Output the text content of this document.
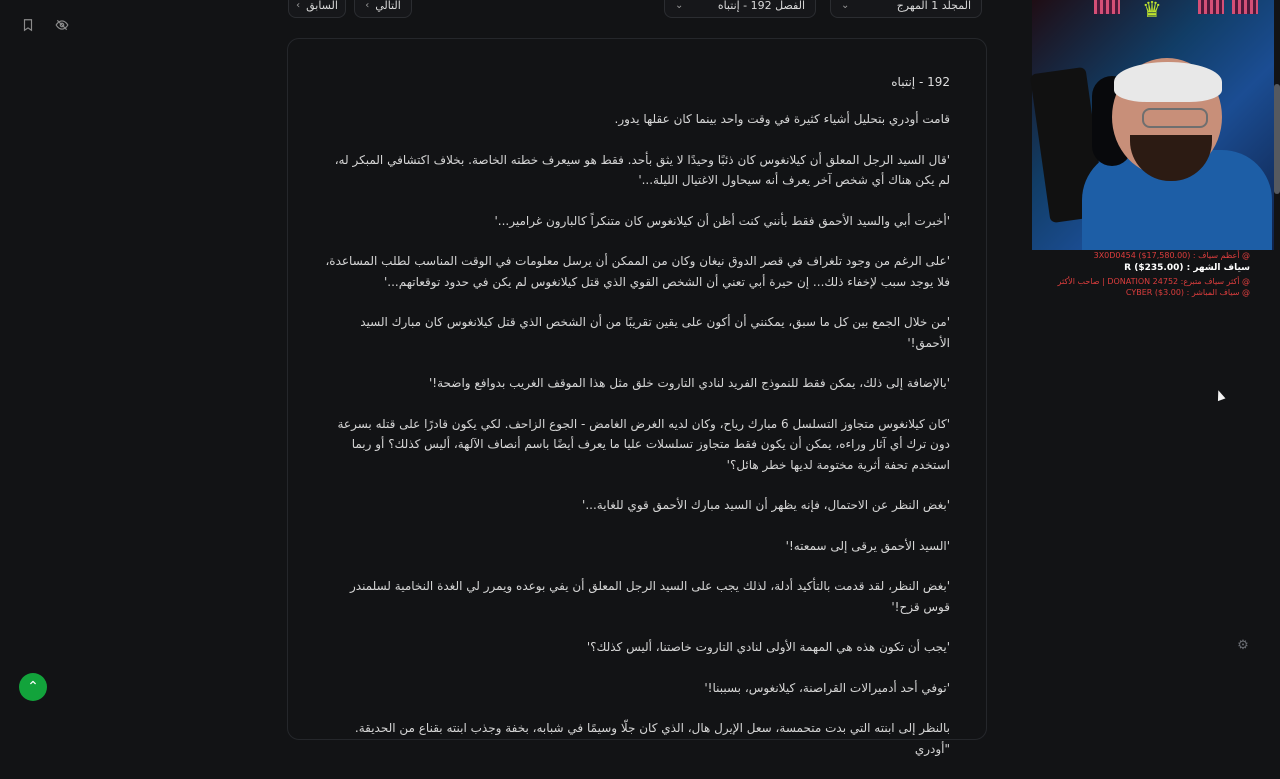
‹ السابق	‹ التالي	⌄	الفصل 192 - إنتباه	⌄	المجلد 1 المهرج
192 - إنتباه

قامت أودري بتحليل أشياء كثيرة في وقت واحد بينما كان عقلها يدور.

'قال السيد الرجل المعلق أن كيلانغوس كان ذئبًا وحيدًا لا يثق بأحد. فقط هو سيعرف خطته الخاصة. بخلاف اكتشافي المبكر له، لم يكن هناك أي شخص آخر يعرف أنه سيحاول الاغتيال الليلة...'

'أخبرت أبي والسيد الأحمق فقط بأنني كنت أظن أن كيلانغوس كان متنكراً كالبارون غرامير...'

'على الرغم من وجود تلغراف في قصر الدوق نيغان وكان من الممكن أن يرسل معلومات في الوقت المناسب لطلب المساعدة، فلا يوجد سبب لإخفاء ذلك... إن حيرة أبي تعني أن الشخص القوي الذي قتل كيلانغوس لم يكن في حدود توقعاتهم...'

'من خلال الجمع بين كل ما سبق، يمكنني أن أكون على يقين تقريبًا من أن الشخص الذي قتل كيلانغوس كان مبارك السيد الأحمق!'

'بالإضافة إلى ذلك، يمكن فقط للنموذج الفريد لنادي التاروت خلق مثل هذا الموقف الغريب بدوافع واضحة!'

'كان كيلانغوس متجاوز التسلسل 6 مبارك رياح، وكان لديه الغرض الغامض - الجوع الزاحف. لكي يكون قادرًا على قتله بسرعة دون ترك أي آثار وراءه، يمكن أن يكون فقط متجاوز تسلسلات عليا ما يعرف أيضًا باسم أنصاف الآلهة، أليس كذلك؟ أو ربما استخدم تحفة أثرية مختومة لديها خطر هائل؟'

'بغض النظر عن الاحتمال، فإنه يظهر أن السيد مبارك الأحمق قوي للغاية...'

'السيد الأحمق يرقى إلى سمعته!'

'بغض النظر، لقد قدمت بالتأكيد أدلة، لذلك يجب على السيد الرجل المعلق أن يفي بوعده ويمرر لي الغدة النخامية لسلمندر قوس قزح!'

'يجب أن تكون هذه هي المهمة الأولى لنادي التاروت خاصتنا، أليس كذلك؟'

'توفي أحد أدميرالات القراصنة، كيلانغوس، بسببنا!'

بالنظر إلى ابنته التي بدت متحمسة، سعل الإيرل هال، الذي كان جلّا وسيمًا في شبابه، بخفة وجذب ابنته بقناع من الحديقة. "أودري

♛
@ أعظم سياف : 3X0D0454 ($17,580.00)
سياف الشهر : R ($235.00)
@ أكثر سياف متبرع: DONATION 24752 | صاحب الأكثر
@ سياف المباشر : CYBER ($3.00)
⚙
⌃
